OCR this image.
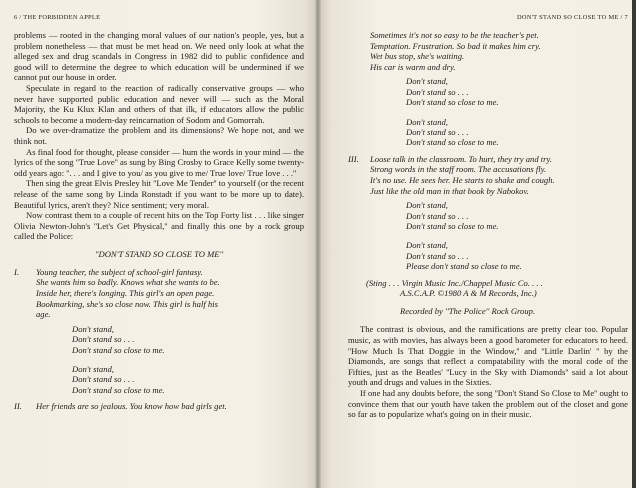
6 / THE FORBIDDEN APPLE

problems — rooted in the changing moral values of our nation's people, yes, but a problem nonetheless — that must be met head on. We need only look at what the alleged sex and drug scandals in Congress in 1982 did to public confidence and good will to determine the degree to which education will be undermined if we cannot put our house in order.

Speculate in regard to the reaction of radically conservative groups — who never have supported public education and never will — such as the Moral Majority, the Ku Klux Klan and others of that ilk, if educators allow the public schools to become a modern-day reincarnation of Sodom and Gomorrah.

Do we over-dramatize the problem and its dimensions? We hope not, and we think not.

As final food for thought, please consider — hum the words in your mind — the lyrics of the song ''True Love'' as sung by Bing Crosby to Grace Kelly some twenty-odd years ago: ''. . . and I give to you/ as you give to me/ True love/ True love . . .''

Then sing the great Elvis Presley hit ''Love Me Tender'' to yourself (or the recent release of the same song by Linda Ronstadt if you want to be more up to date). Beautiful lyrics, aren't they? Nice sentiment; very moral.

Now contrast them to a couple of recent hits on the Top Forty list . . . like singer Olivia Newton-John's ''Let's Get Physical,'' and finally this one by a rock group called the Police:

''DON'T STAND SO CLOSE TO ME''
I.	Young teacher, the subject of school-girl fantasy.
She wants him so badly. Knows what she wants to be.
Inside her, there's longing. This girl's an open page.
Bookmarking, she's so close now. This girl is half his
age.
Don't stand,
Don't stand so . . .
Don't stand so close to me.
Don't stand,
Don't stand so . . .
Don't stand so close to me.
II.	Her friends are so jealous. You know how bad girls get.
DON'T STAND SO CLOSE TO ME / 7
Sometimes it's not so easy to be the teacher's pet.
Temptation. Frustration. So bad it makes him cry.
Wet bus stop, she's waiting.
His car is warm and dry.
Don't stand,
Don't stand so . . .
Don't stand so close to me.
Don't stand,
Don't stand so . . .
Don't stand so close to me.
III.	Loose talk in the classroom. To hurt, they try and try.
Strong words in the staff room. The accusations fly.
It's no use. He sees her. He starts to shake and cough.
Just like the old man in that book by Nabokov.
Don't stand,
Don't stand so . . .
Don't stand so close to me.
Don't stand,
Don't stand so . . .
Please don't stand so close to me.
(Sting . . . Virgin Music Inc./Chappel Music Co. . . .
A.S.C.A.P. ©1980 A & M Records, Inc.)
Recorded by ''The Police'' Rock Group.

The contrast is obvious, and the ramifications are pretty clear too. Popular music, as with movies, has always been a good barometer for educators to heed. ''How Much Is That Doggie in the Window,'' and ''Little Darlin' '' by the Diamonds, are songs that reflect a compatability with the moral code of the Fifties, just as the Beatles' ''Lucy in the Sky with Diamonds'' said a lot about youth and drugs and values in the Sixties.

If one had any doubts before, the song ''Don't Stand So Close to Me'' ought to convince them that our youth have taken the problem out of the closet and gone so far as to popularize what's going on in their music.
